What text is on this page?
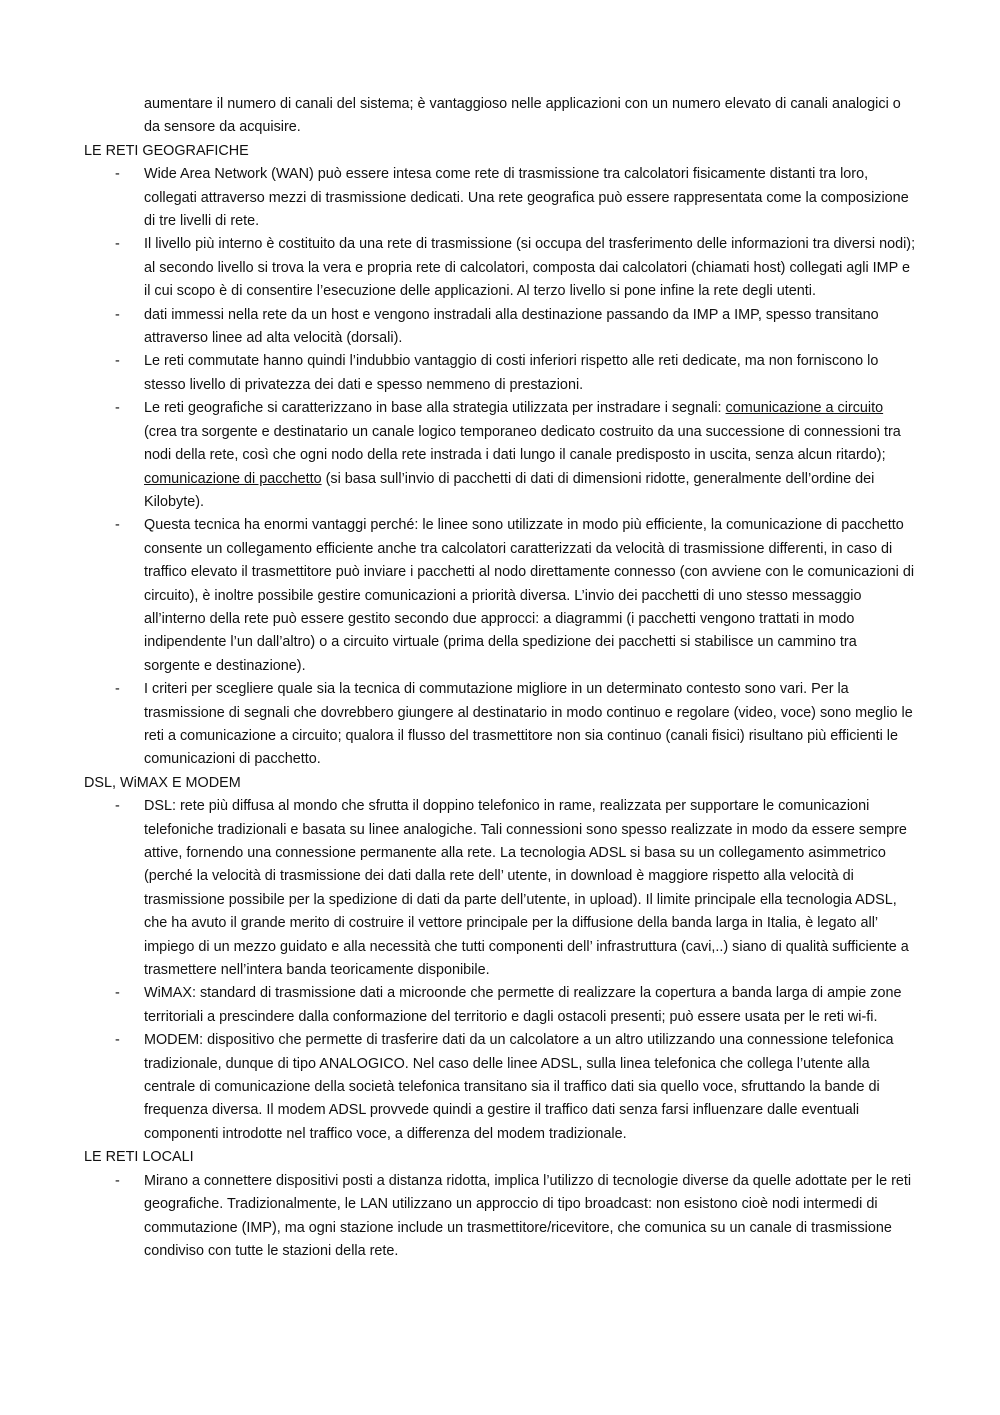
aumentare il numero di canali del sistema; è vantaggioso nelle applicazioni con un numero elevato di canali analogici o da sensore da acquisire.
LE RETI GEOGRAFICHE
- Wide Area Network (WAN) può essere intesa come rete di trasmissione tra calcolatori fisicamente distanti tra loro, collegati attraverso mezzi di trasmissione dedicati. Una rete geografica può essere rappresentata come la composizione di tre livelli di rete.
- Il livello più interno è costituito da una rete di trasmissione (si occupa del trasferimento delle informazioni tra diversi nodi); al secondo livello si trova la vera e propria rete di calcolatori, composta dai calcolatori (chiamati host) collegati agli IMP e il cui scopo è di consentire l’esecuzione delle applicazioni. Al terzo livello si pone infine la rete degli utenti.
- dati immessi nella rete da un host e vengono instradali alla destinazione passando da IMP a IMP, spesso transitano attraverso linee ad alta velocità (dorsali).
- Le reti commutate hanno quindi l’indubbio vantaggio di costi inferiori rispetto alle reti dedicate, ma non forniscono lo stesso livello di privatezza dei dati e spesso nemmeno di prestazioni.
- Le reti geografiche si caratterizzano in base alla strategia utilizzata per instradare i segnali: comunicazione a circuito (crea tra sorgente e destinatario un canale logico temporaneo dedicato costruito da una successione di connessioni tra nodi della rete, così che ogni nodo della rete instrada i dati lungo il canale predisposto in uscita, senza alcun ritardo); comunicazione di pacchetto (si basa sull’invio di pacchetti di dati di dimensioni ridotte, generalmente dell’ordine dei Kilobyte).
- Questa tecnica ha enormi vantaggi perché: le linee sono utilizzate in modo più efficiente, la comunicazione di pacchetto consente un collegamento efficiente anche tra calcolatori caratterizzati da velocità di trasmissione differenti, in caso di traffico elevato il trasmettitore può inviare i pacchetti al nodo direttamente connesso (con avviene con le comunicazioni di circuito), è inoltre possibile gestire comunicazioni a priorità diversa. L’invio dei pacchetti di uno stesso messaggio all’interno della rete può essere gestito secondo due approcci: a diagrammi (i pacchetti vengono trattati in modo indipendente l’un dall’altro) o a circuito virtuale (prima della spedizione dei pacchetti si stabilisce un cammino tra sorgente e destinazione).
- I criteri per scegliere quale sia la tecnica di commutazione migliore in un determinato contesto sono vari. Per la trasmissione di segnali che dovrebbero giungere al destinatario in modo continuo e regolare (video, voce) sono meglio le reti a comunicazione a circuito; qualora il flusso del trasmettitore non sia continuo (canali fisici) risultano più efficienti le comunicazioni di pacchetto.
DSL, WiMAX E MODEM
- DSL: rete più diffusa al mondo che sfrutta il doppino telefonico in rame, realizzata per supportare le comunicazioni telefoniche tradizionali e basata su linee analogiche. Tali connessioni sono spesso realizzate in modo da essere sempre attive, fornendo una connessione permanente alla rete. La tecnologia ADSL si basa su un collegamento asimmetrico (perché la velocità di trasmissione dei dati dalla rete dell’ utente, in download è maggiore rispetto alla velocità di trasmissione possibile per la spedizione di dati da parte dell’utente, in upload). Il limite principale ella tecnologia ADSL, che ha avuto il grande merito di costruire il vettore principale per la diffusione della banda larga in Italia, è legato all’ impiego di un mezzo guidato e alla necessità che tutti componenti dell’ infrastruttura (cavi,..) siano di qualità sufficiente a trasmettere nell’intera banda teoricamente disponibile.
- WiMAX: standard di trasmissione dati a microonde che permette di realizzare la copertura a banda larga di ampie zone territoriali a prescindere dalla conformazione del territorio e dagli ostacoli presenti; può essere usata per le reti wi-fi.
- MODEM: dispositivo che permette di trasferire dati da un calcolatore a un altro utilizzando una connessione telefonica tradizionale, dunque di tipo ANALOGICO. Nel caso delle linee ADSL, sulla linea telefonica che collega l’utente alla centrale di comunicazione della società telefonica transitano sia il traffico dati sia quello voce, sfruttando la bande di frequenza diversa. Il modem ADSL provvede quindi a gestire il traffico dati senza farsi influenzare dalle eventuali componenti introdotte nel traffico voce, a differenza del modem tradizionale.
LE RETI LOCALI
- Mirano a connettere dispositivi posti a distanza ridotta, implica l’utilizzo di tecnologie diverse da quelle adottate per le reti geografiche. Tradizionalmente, le LAN utilizzano un approccio di tipo broadcast: non esistono cioè nodi intermedi di commutazione (IMP), ma ogni stazione include un trasmettitore/ricevitore, che comunica su un canale di trasmissione condiviso con tutte le stazioni della rete.
